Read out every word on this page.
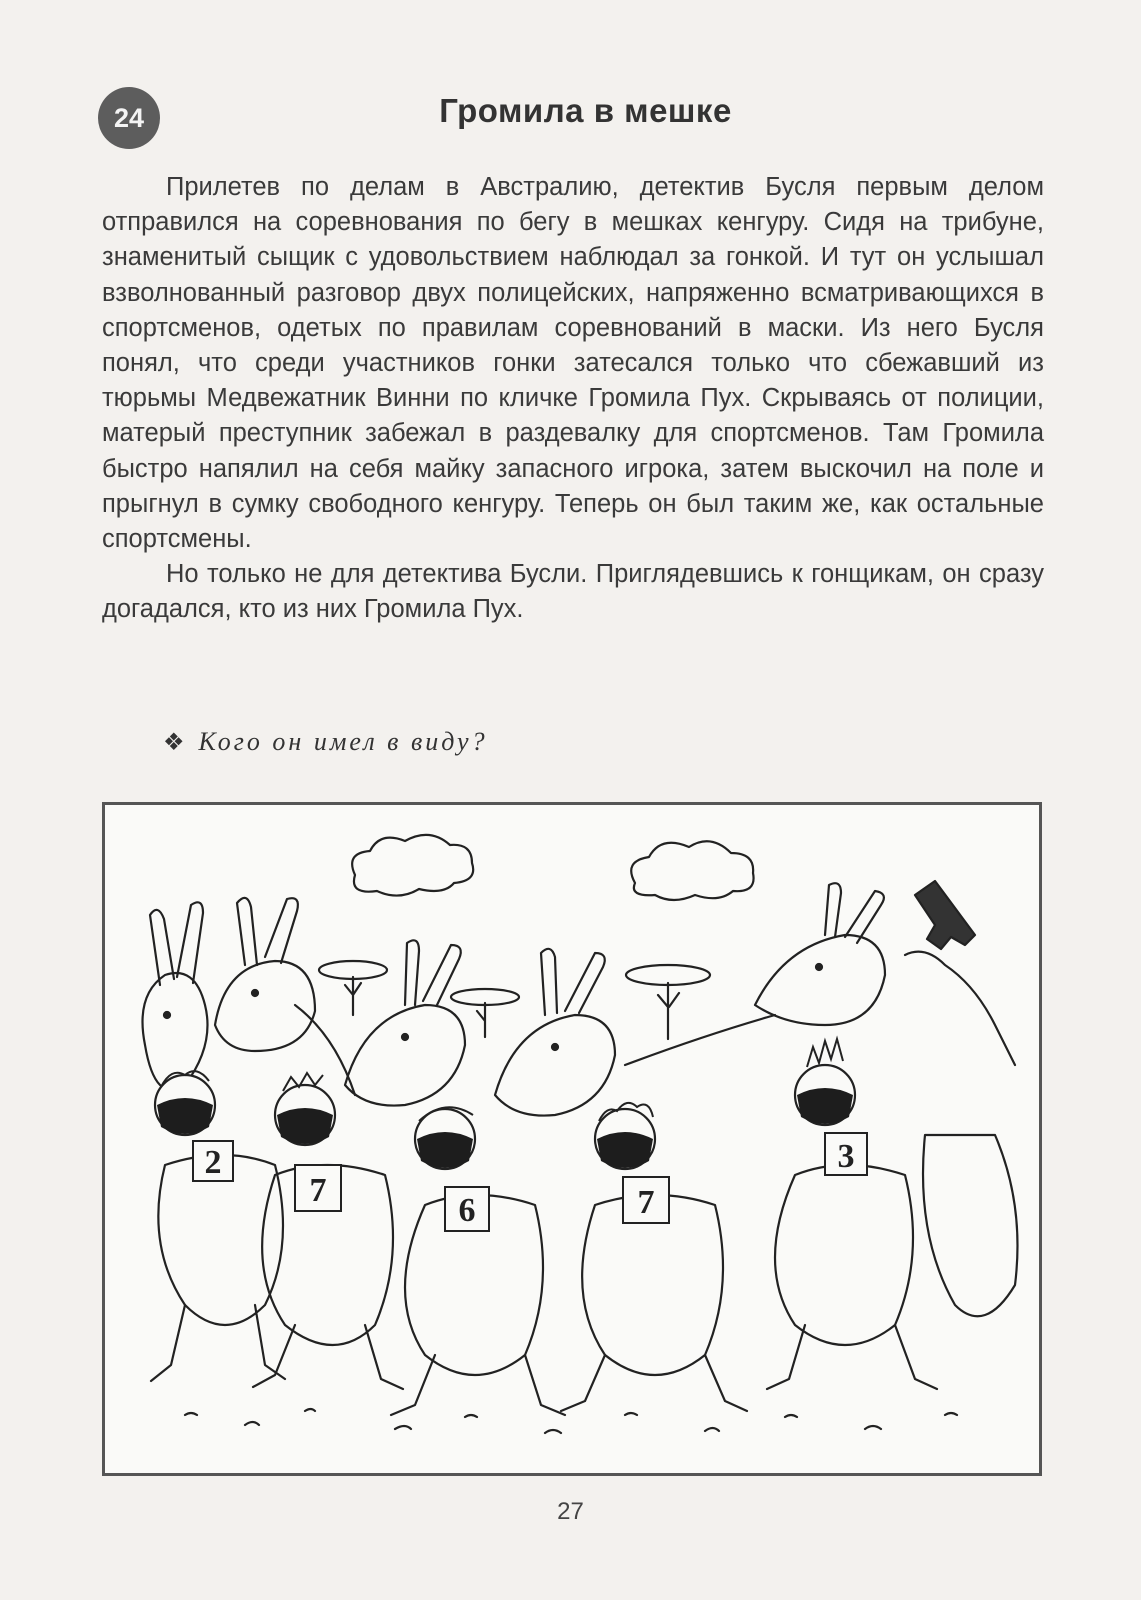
24	Громила в мешке

Прилетев по делам в Австралию, детектив Бусля первым делом отправился на соревнования по бегу в мешках кенгуру. Сидя на трибуне, знаменитый сыщик с удовольствием наблюдал за гонкой. И тут он услышал взволнованный разговор двух полицейских, напряженно всматривающихся в спортсменов, одетых по правилам соревнований в маски. Из него Бусля понял, что среди участников гонки затесался только что сбежавший из тюрьмы Медвежатник Винни по кличке Громила Пух. Скрываясь от полиции, матерый преступник забежал в раздевалку для спортсменов. Там Громила быстро напялил на себя майку запасного игрока, затем выскочил на поле и прыгнул в сумку свободного кенгуру. Теперь он был таким же, как остальные спортсмены.

Но только не для детектива Бусли. Приглядевшись к гонщикам, он сразу догадался, кто из них Громила Пух.

❖ Кого он имел в виду?
2
7
6	7
3
27
